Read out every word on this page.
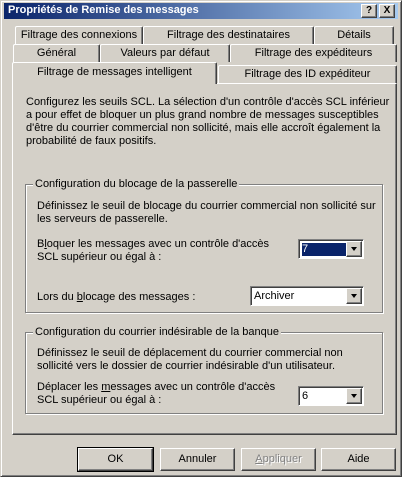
Propriétés de Remise des messages	?	X
Filtrage des connexions	Filtrage des destinataires	Détails
Général	Valeurs par défaut	Filtrage des expéditeurs
Filtrage de messages intelligent	Filtrage des ID expéditeur
Configurez les seuils SCL. La sélection d'un contrôle d'accès SCL inférieur
a pour effet de bloquer un plus grand nombre de messages susceptibles
d'être du courrier commercial non sollicité, mais elle accroît également la
probabilité de faux positifs.
Configuration du blocage de la passerelle
Définissez le seuil de blocage du courrier commercial non sollicité sur
les serveurs de passerelle.
Bloquer les messages avec un contrôle d'accès
SCL supérieur ou égal à :
7
Lors du blocage des messages :	Archiver
Configuration du courrier indésirable de la banque
Définissez le seuil de déplacement du courrier commercial non
sollicité vers le dossier de courrier indésirable d'un utilisateur.
Déplacer les messages avec un contrôle d'accès
SCL supérieur ou égal à :	6
OK	Annuler	Appliquer	Aide
